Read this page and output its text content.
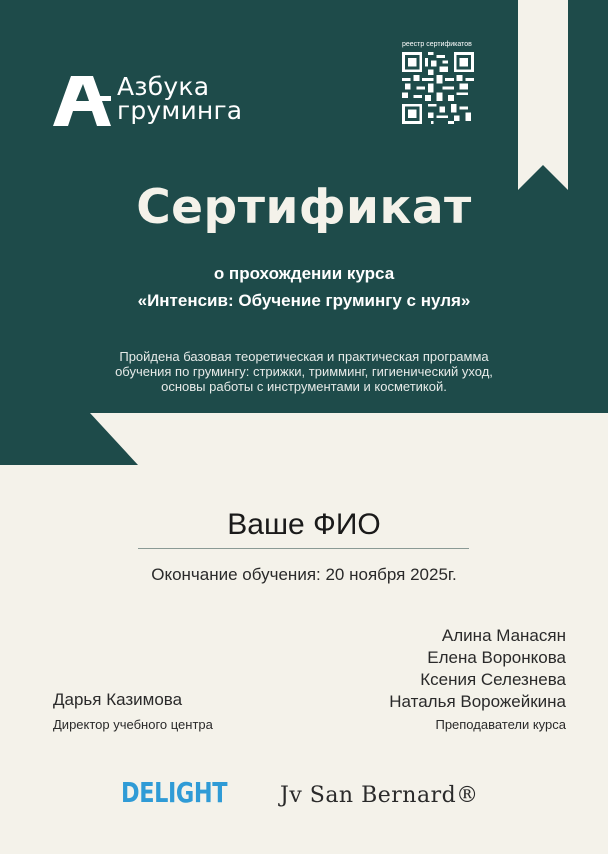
Азбука
груминга
реестр сертификатов
Сертификат
о прохождении курса
«Интенсив: Обучение грумингу с нуля»
Пройдена базовая теоретическая и практическая программа
обучения по грумингу: стрижки, тримминг, гигиенический уход,
основы работы с инструментами и косметикой.
Ваше ФИО
Окончание обучения: 20 ноября 2025г.
Алина Манасян
Елена Воронкова
Ксения Селезнева
Наталья Ворожейкина
Преподаватели курса
Дарья Казимова
Директор учебного центра
DELIGHT Jv San Bernard®
